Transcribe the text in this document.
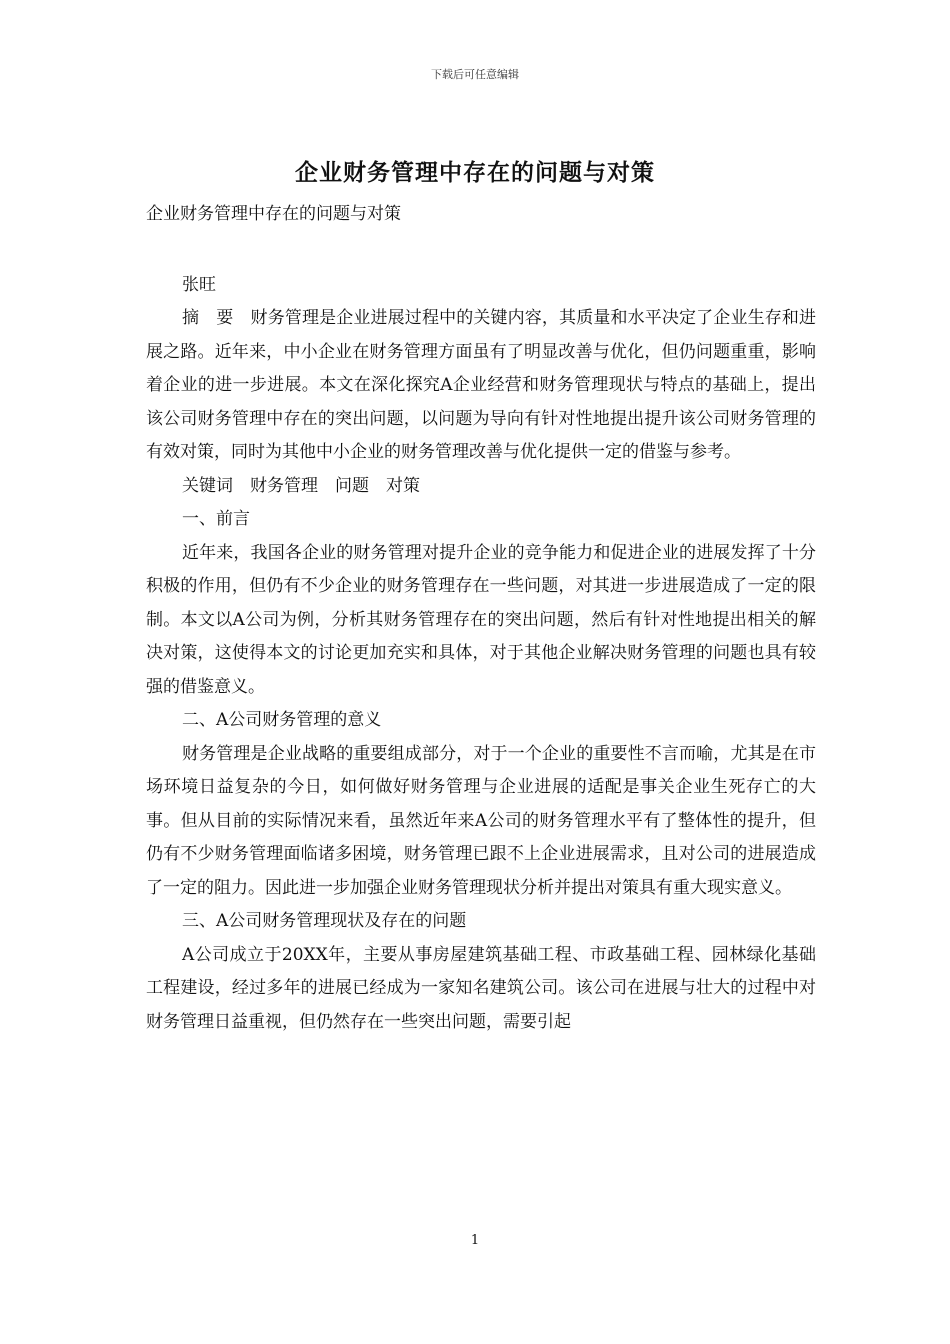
下载后可任意编辑
企业财务管理中存在的问题与对策

企业财务管理中存在的问题与对策

张旺

摘　要　财务管理是企业进展过程中的关键内容，其质量和水平决定了企业生存和进展之路。近年来，中小企业在财务管理方面虽有了明显改善与优化，但仍问题重重，影响着企业的进一步进展。本文在深化探究A企业经营和财务管理现状与特点的基础上，提出该公司财务管理中存在的突出问题，以问题为导向有针对性地提出提升该公司财务管理的有效对策，同时为其他中小企业的财务管理改善与优化提供一定的借鉴与参考。

关键词　财务管理　问题　对策

一、前言

近年来，我国各企业的财务管理对提升企业的竞争能力和促进企业的进展发挥了十分积极的作用，但仍有不少企业的财务管理存在一些问题，对其进一步进展造成了一定的限制。本文以A公司为例，分析其财务管理存在的突出问题，然后有针对性地提出相关的解决对策，这使得本文的讨论更加充实和具体，对于其他企业解决财务管理的问题也具有较强的借鉴意义。

二、A公司财务管理的意义

财务管理是企业战略的重要组成部分，对于一个企业的重要性不言而喻，尤其是在市场环境日益复杂的今日，如何做好财务管理与企业进展的适配是事关企业生死存亡的大事。但从目前的实际情况来看，虽然近年来A公司的财务管理水平有了整体性的提升，但仍有不少财务管理面临诸多困境，财务管理已跟不上企业进展需求，且对公司的进展造成了一定的阻力。因此进一步加强企业财务管理现状分析并提出对策具有重大现实意义。

三、A公司财务管理现状及存在的问题

A公司成立于20XX年，主要从事房屋建筑基础工程、市政基础工程、园林绿化基础工程建设，经过多年的进展已经成为一家知名建筑公司。该公司在进展与壮大的过程中对财务管理日益重视，但仍然存在一些突出问题，需要引起

1
